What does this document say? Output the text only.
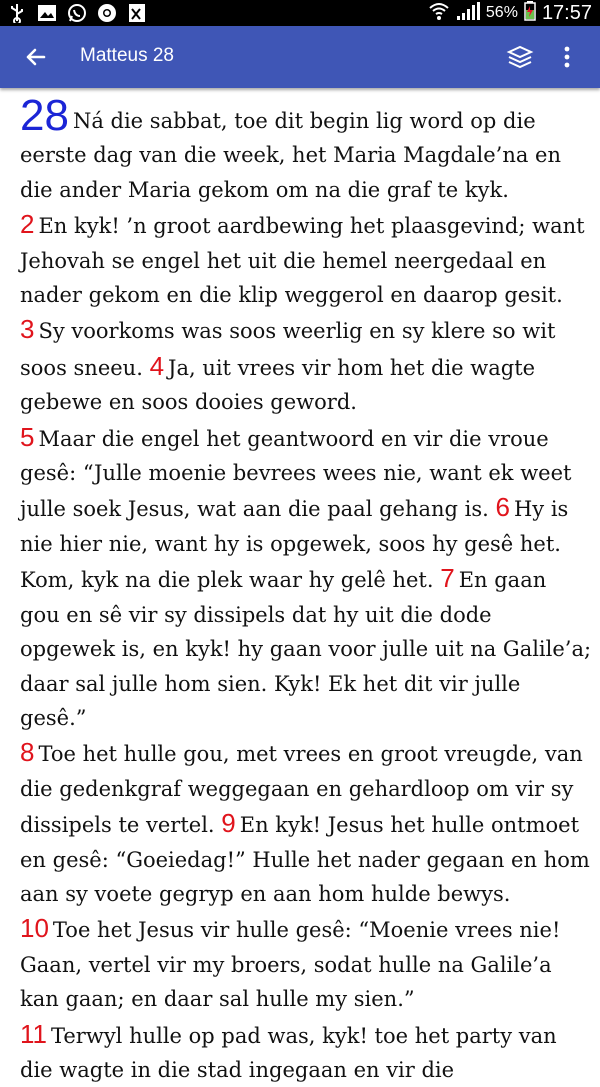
56% 17:57
Matteus 28

28 Ná die sabbat, toe dit begin lig word op die eerste dag van die week, het Maria Magdale’na en die ander Maria gekom om na die graf te kyk.

2 En kyk! ’n groot aardbewing het plaasgevind; want Jehovah se engel het uit die hemel neergedaal en nader gekom en die klip weggerol en daarop gesit.

3 Sy voorkoms was soos weerlig en sy klere so wit soos sneeu. 4 Ja, uit vrees vir hom het die wagte gebewe en soos dooies geword.

5 Maar die engel het geantwoord en vir die vroue gesê: “Julle moenie bevrees wees nie, want ek weet julle soek Jesus, wat aan die paal gehang is. 6 Hy is nie hier nie, want hy is opgewek, soos hy gesê het. Kom, kyk na die plek waar hy gelê het. 7 En gaan gou en sê vir sy dissipels dat hy uit die dode opgewek is, en kyk! hy gaan voor julle uit na Galile’a; daar sal julle hom sien. Kyk! Ek het dit vir julle gesê.”

8 Toe het hulle gou, met vrees en groot vreugde, van die gedenkgraf weggegaan en gehardloop om vir sy dissipels te vertel. 9 En kyk! Jesus het hulle ontmoet en gesê: “Goeiedag!” Hulle het nader gegaan en hom aan sy voete gegryp en aan hom hulde bewys.

10 Toe het Jesus vir hulle gesê: “Moenie vrees nie! Gaan, vertel vir my broers, sodat hulle na Galile’a kan gaan; en daar sal hulle my sien.”

11 Terwyl hulle op pad was, kyk! toe het party van die wagte in die stad ingegaan en vir die
